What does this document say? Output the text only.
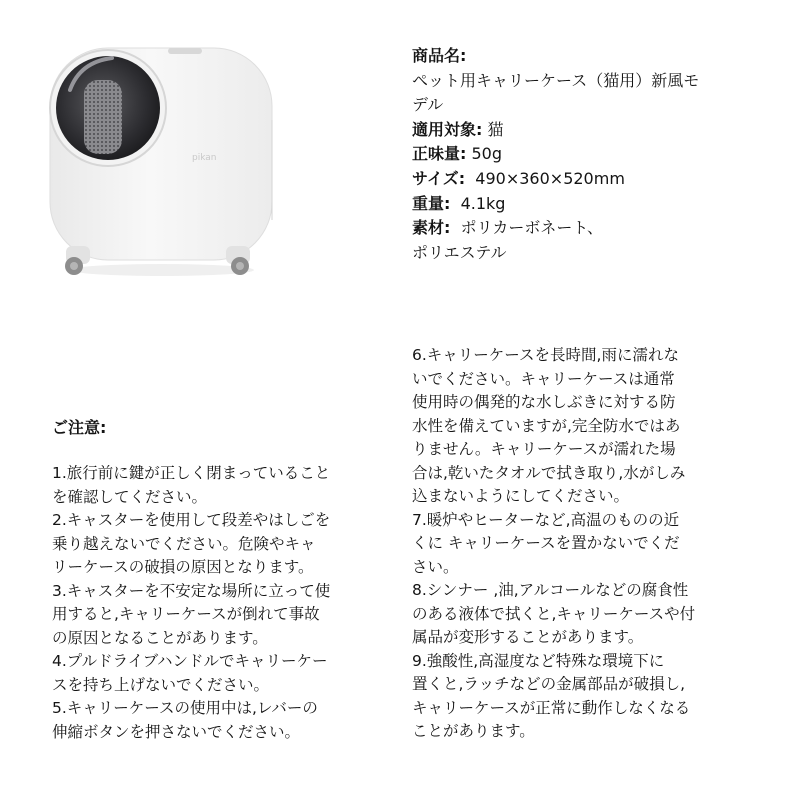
pikan
商品名:
ペット用キャリーケース（猫用）新風モ
デル
適用対象: 猫
正味量: 50g
サイズ: 490×360×520mm
重量: 4.1kg
素材: ポリカーボネート、
ポリエステル
ご注意:
1.旅行前に鍵が正しく閉まっていること
を確認してください。
2.キャスターを使用して段差やはしごを
乗り越えないでください。危険やキャ
リーケースの破損の原因となります。
3.キャスターを不安定な場所に立って使
用すると,キャリーケースが倒れて事故
の原因となることがあります。
4.プルドライブハンドルでキャリーケー
スを持ち上げないでください。
5.キャリーケースの使用中は,レバーの
伸縮ボタンを押さないでください。
6.キャリーケースを長時間,雨に濡れな
いでください。キャリーケースは通常
使用時の偶発的な水しぶきに対する防
水性を備えていますが,完全防水ではあ
りません。キャリーケースが濡れた場
合は,乾いたタオルで拭き取り,水がしみ
込まないようにしてください。
7.暖炉やヒーターなど,高温のものの近
くに キャリーケースを置かないでくだ
さい。
8.シンナー ,油,アルコールなどの腐食性
のある液体で拭くと,キャリーケースや付
属品が変形することがあります。
9.強酸性,高湿度など特殊な環境下に
置くと,ラッチなどの金属部品が破損し,
キャリーケースが正常に動作しなくなる
ことがあります。
